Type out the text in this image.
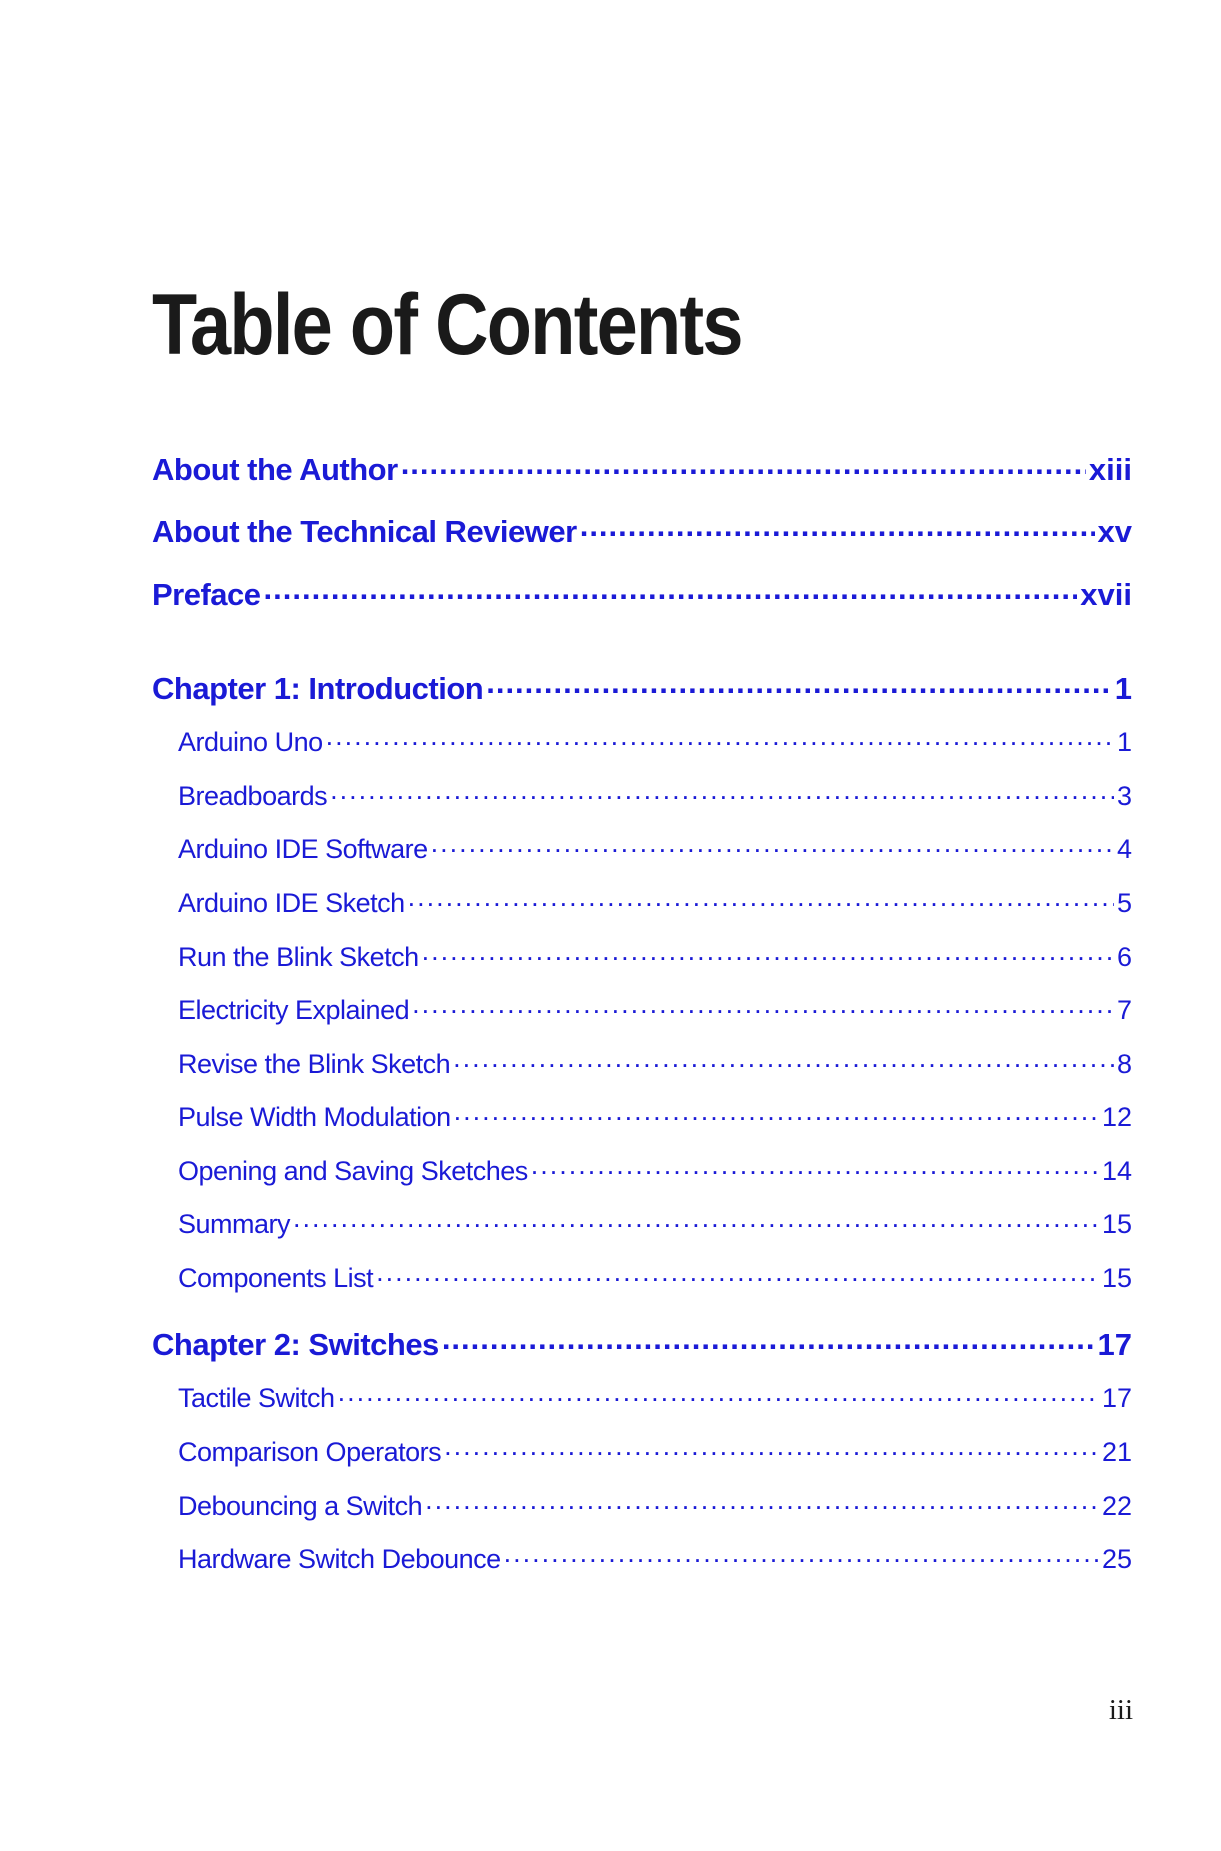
Table of Contents
About the Author .....	xiii
About the Technical Reviewer .....	xv
Preface .....	xvii
Chapter 1: Introduction .....	1
Arduino Uno .....	1
Breadboards .....	3
Arduino IDE Software .....	4
Arduino IDE Sketch .....	5
Run the Blink Sketch .....	6
Electricity Explained .....	7
Revise the Blink Sketch .....	8
Pulse Width Modulation .....	12
Opening and Saving Sketches .....	14
Summary .....	15
Components List .....	15
Chapter 2: Switches .....	17
Tactile Switch .....	17
Comparison Operators .....	21
Debouncing a Switch .....	22
Hardware Switch Debounce .....	25
iii
